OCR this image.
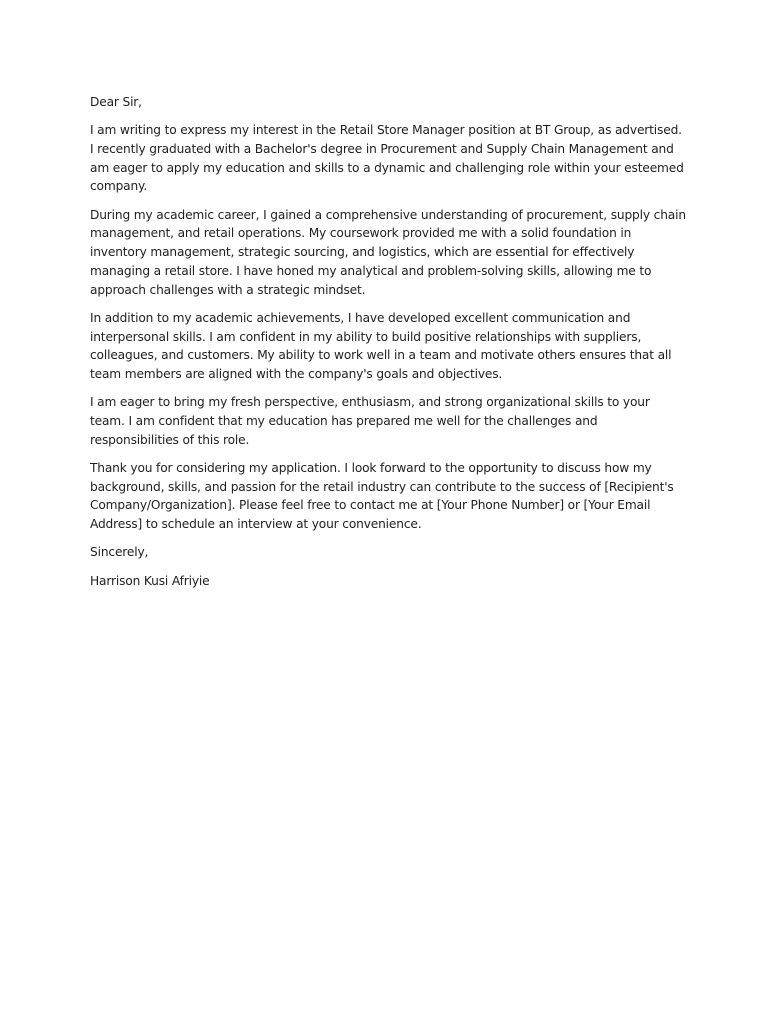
Dear Sir,

I am writing to express my interest in the Retail Store Manager position at BT Group, as advertised. I recently graduated with a Bachelor's degree in Procurement and Supply Chain Management and am eager to apply my education and skills to a dynamic and challenging role within your esteemed company.

During my academic career, I gained a comprehensive understanding of procurement, supply chain management, and retail operations. My coursework provided me with a solid foundation in inventory management, strategic sourcing, and logistics, which are essential for effectively managing a retail store. I have honed my analytical and problem-solving skills, allowing me to approach challenges with a strategic mindset.

In addition to my academic achievements, I have developed excellent communication and interpersonal skills. I am confident in my ability to build positive relationships with suppliers, colleagues, and customers. My ability to work well in a team and motivate others ensures that all team members are aligned with the company's goals and objectives.

I am eager to bring my fresh perspective, enthusiasm, and strong organizational skills to your team. I am confident that my education has prepared me well for the challenges and responsibilities of this role.

Thank you for considering my application. I look forward to the opportunity to discuss how my background, skills, and passion for the retail industry can contribute to the success of [Recipient's Company/Organization]. Please feel free to contact me at [Your Phone Number] or [Your Email Address] to schedule an interview at your convenience.

Sincerely,

Harrison Kusi Afriyie
